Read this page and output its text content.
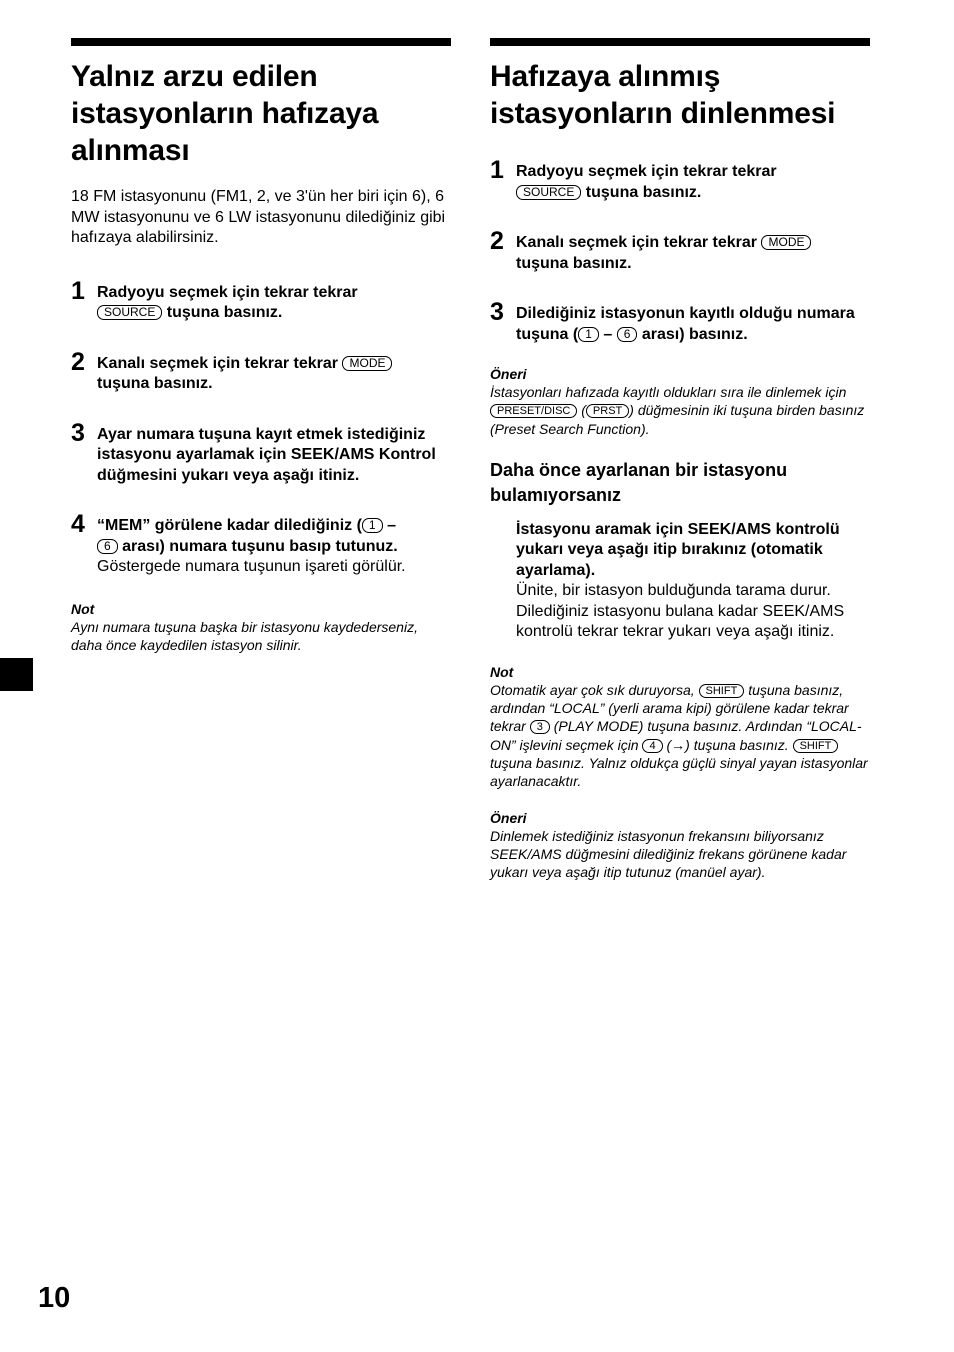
Yalnız arzu edilen istasyonların hafızaya alınması

18 FM istasyonunu (FM1, 2, ve 3'ün her biri için 6), 6 MW istasyonunu ve 6 LW istasyonunu dilediğiniz gibi hafızaya alabilirsiniz.

1 Radyoyu seçmek için tekrar tekrar
SOURCE tuşuna basınız.
2 Kanalı seçmek için tekrar tekrar MODE
tuşuna basınız.
3 Ayar numara tuşuna kayıt etmek istediğiniz istasyonu ayarlamak için SEEK/AMS Kontrol düğmesini yukarı veya aşağı itiniz.
4 “MEM” görülene kadar dilediğiniz ( 1 –
6 arası) numara tuşunu basıp tutunuz.
Göstergede numara tuşunun işareti görülür.
Not
Aynı numara tuşuna başka bir istasyonu kaydederseniz, daha önce kaydedilen istasyon silinir.
Hafızaya alınmış istasyonların dinlenmesi
1 Radyoyu seçmek için tekrar tekrar
SOURCE tuşuna basınız.
2 Kanalı seçmek için tekrar tekrar MODE
tuşuna basınız.
3 Dilediğiniz istasyonun kayıtlı olduğu numara tuşuna ( 1 – 6 arası) basınız.
Öneri
İstasyonları hafızada kayıtlı oldukları sıra ile dinlemek için PRESET/DISC ( PRST ) düğmesinin iki tuşuna birden basınız (Preset Search Function).
Daha önce ayarlanan bir istasyonu bulamıyorsanız
İstasyonu aramak için SEEK/AMS kontrolü yukarı veya aşağı itip bırakınız (otomatik ayarlama).
Ünite, bir istasyon bulduğunda tarama durur. Dilediğiniz istasyonu bulana kadar SEEK/AMS kontrolü tekrar tekrar yukarı veya aşağı itiniz.
Not
Otomatik ayar çok sık duruyorsa, SHIFT tuşuna basınız, ardından “LOCAL” (yerli arama kipi) görülene kadar tekrar tekrar 3 (PLAY MODE) tuşuna basınız. Ardından “LOCAL-ON” işlevini seçmek için 4 (→) tuşuna basınız. SHIFT tuşuna basınız. Yalnız oldukça güçlü sinyal yayan istasyonlar ayarlanacaktır.
Öneri
Dinlemek istediğiniz istasyonun frekansını biliyorsanız SEEK/AMS düğmesini dilediğiniz frekans görünene kadar yukarı veya aşağı itip tutunuz (manüel ayar).
10
